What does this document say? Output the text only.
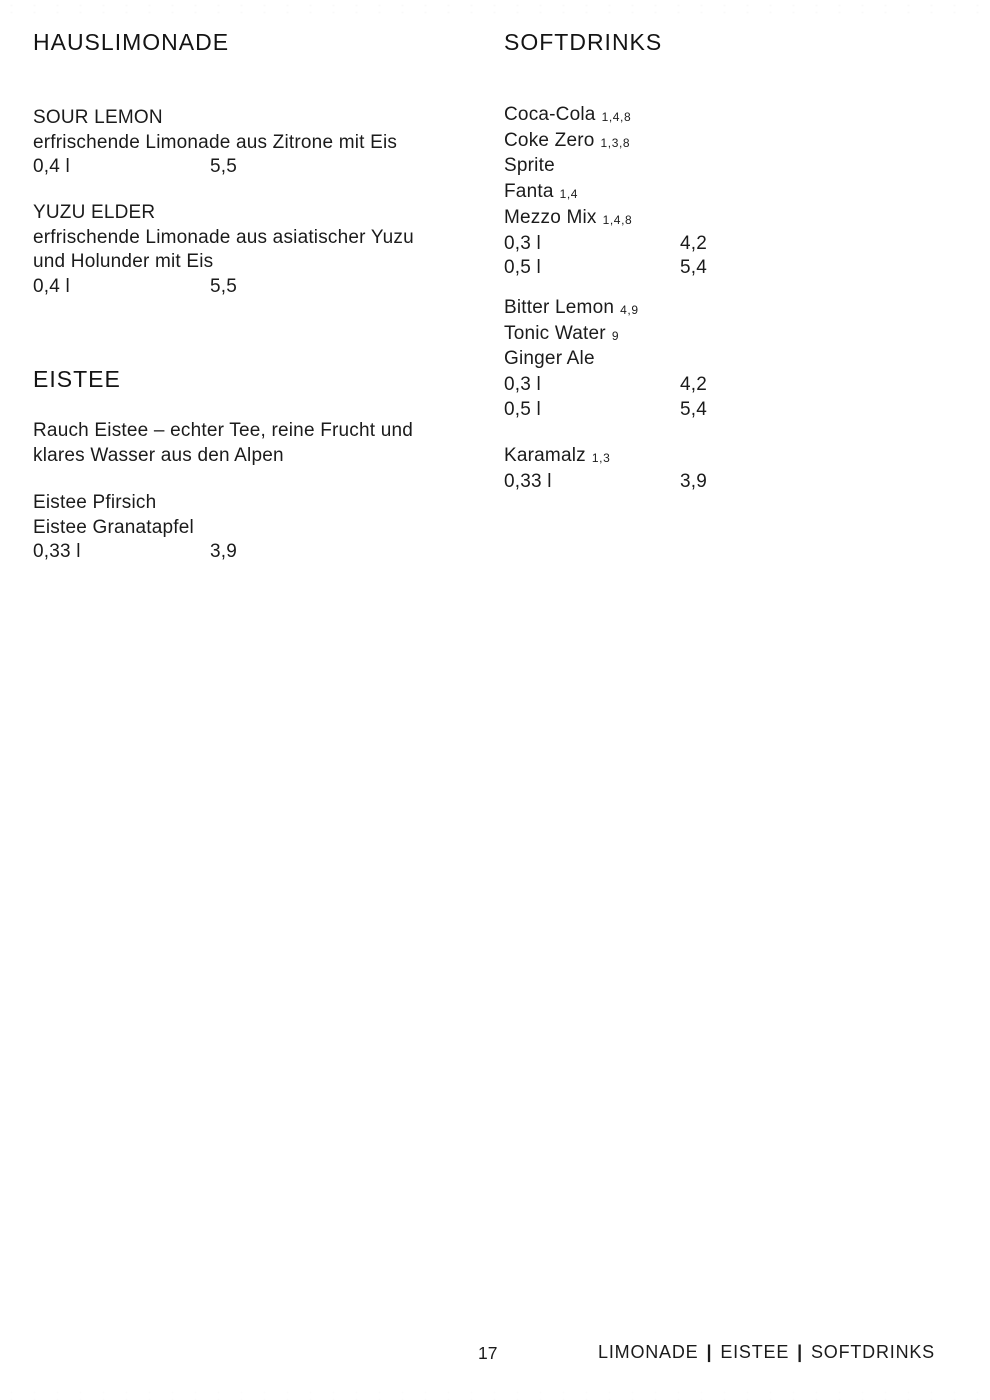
HAUSLIMONADE
SOUR LEMON
erfrischende Limonade aus Zitrone mit Eis
0,4 l	5,5
YUZU ELDER
erfrischende Limonade aus asiatischer Yuzu
und Holunder mit Eis
0,4 l	5,5
EISTEE
Rauch Eistee – echter Tee, reine Frucht und
klares Wasser aus den Alpen
Eistee Pfirsich
Eistee Granatapfel
0,33 l	3,9
SOFTDRINKS
Coca-Cola 1,4,8
Coke Zero 1,3,8
Sprite
Fanta 1,4
Mezzo Mix 1,4,8
0,3 l	4,2
0,5 l	5,4
Bitter Lemon 4,9
Tonic Water 9
Ginger Ale
0,3 l	4,2
0,5 l	5,4
Karamalz 1,3
0,33 l	3,9
17	LIMONADE | EISTEE | SOFTDRINKS
